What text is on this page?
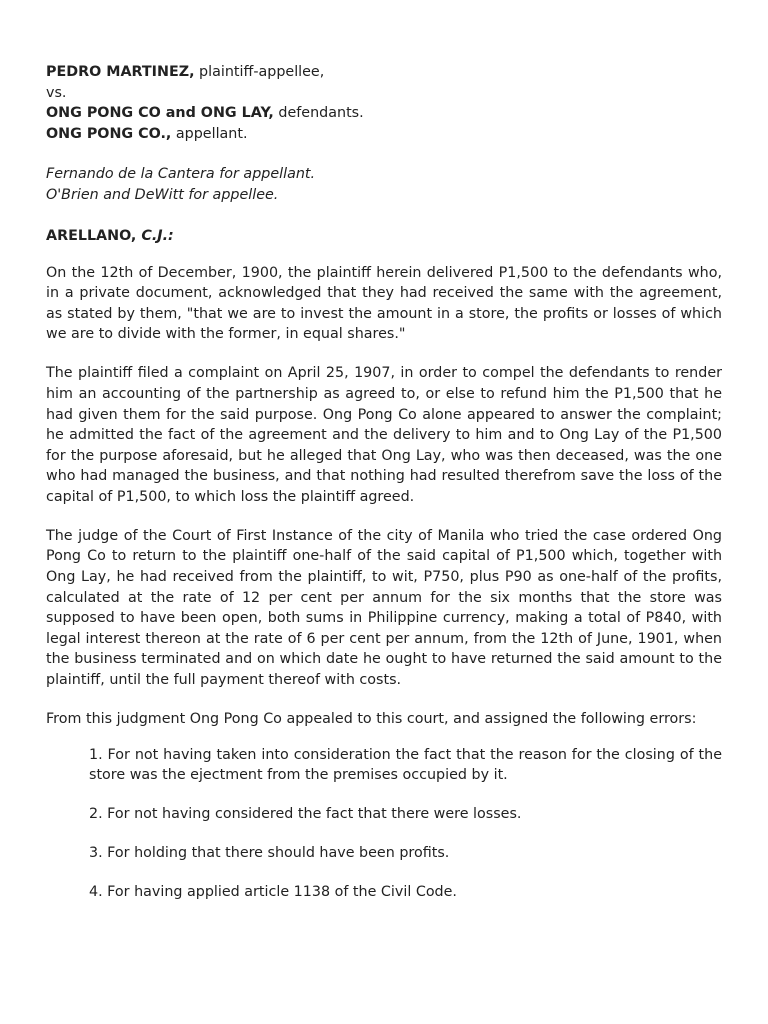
PEDRO MARTINEZ, plaintiff-appellee,

vs.

ONG PONG CO and ONG LAY, defendants.

ONG PONG CO., appellant.

Fernando de la Cantera for appellant.

O'Brien and DeWitt for appellee.

ARELLANO, C.J.:

On the 12th of December, 1900, the plaintiff herein delivered P1,500 to the defendants who, in a private document, acknowledged that they had received the same with the agreement, as stated by them, "that we are to invest the amount in a store, the profits or losses of which we are to divide with the former, in equal shares."

The plaintiff filed a complaint on April 25, 1907, in order to compel the defendants to render him an accounting of the partnership as agreed to, or else to refund him the P1,500 that he had given them for the said purpose. Ong Pong Co alone appeared to answer the complaint; he admitted the fact of the agreement and the delivery to him and to Ong Lay of the P1,500 for the purpose aforesaid, but he alleged that Ong Lay, who was then deceased, was the one who had managed the business, and that nothing had resulted therefrom save the loss of the capital of P1,500, to which loss the plaintiff agreed.

The judge of the Court of First Instance of the city of Manila who tried the case ordered Ong Pong Co to return to the plaintiff one-half of the said capital of P1,500 which, together with Ong Lay, he had received from the plaintiff, to wit, P750, plus P90 as one-half of the profits, calculated at the rate of 12 per cent per annum for the six months that the store was supposed to have been open, both sums in Philippine currency, making a total of P840, with legal interest thereon at the rate of 6 per cent per annum, from the 12th of June, 1901, when the business terminated and on which date he ought to have returned the said amount to the plaintiff, until the full payment thereof with costs.

From this judgment Ong Pong Co appealed to this court, and assigned the following errors:

1. For not having taken into consideration the fact that the reason for the closing of the store was the ejectment from the premises occupied by it.

2. For not having considered the fact that there were losses.

3. For holding that there should have been profits.

4. For having applied article 1138 of the Civil Code.
